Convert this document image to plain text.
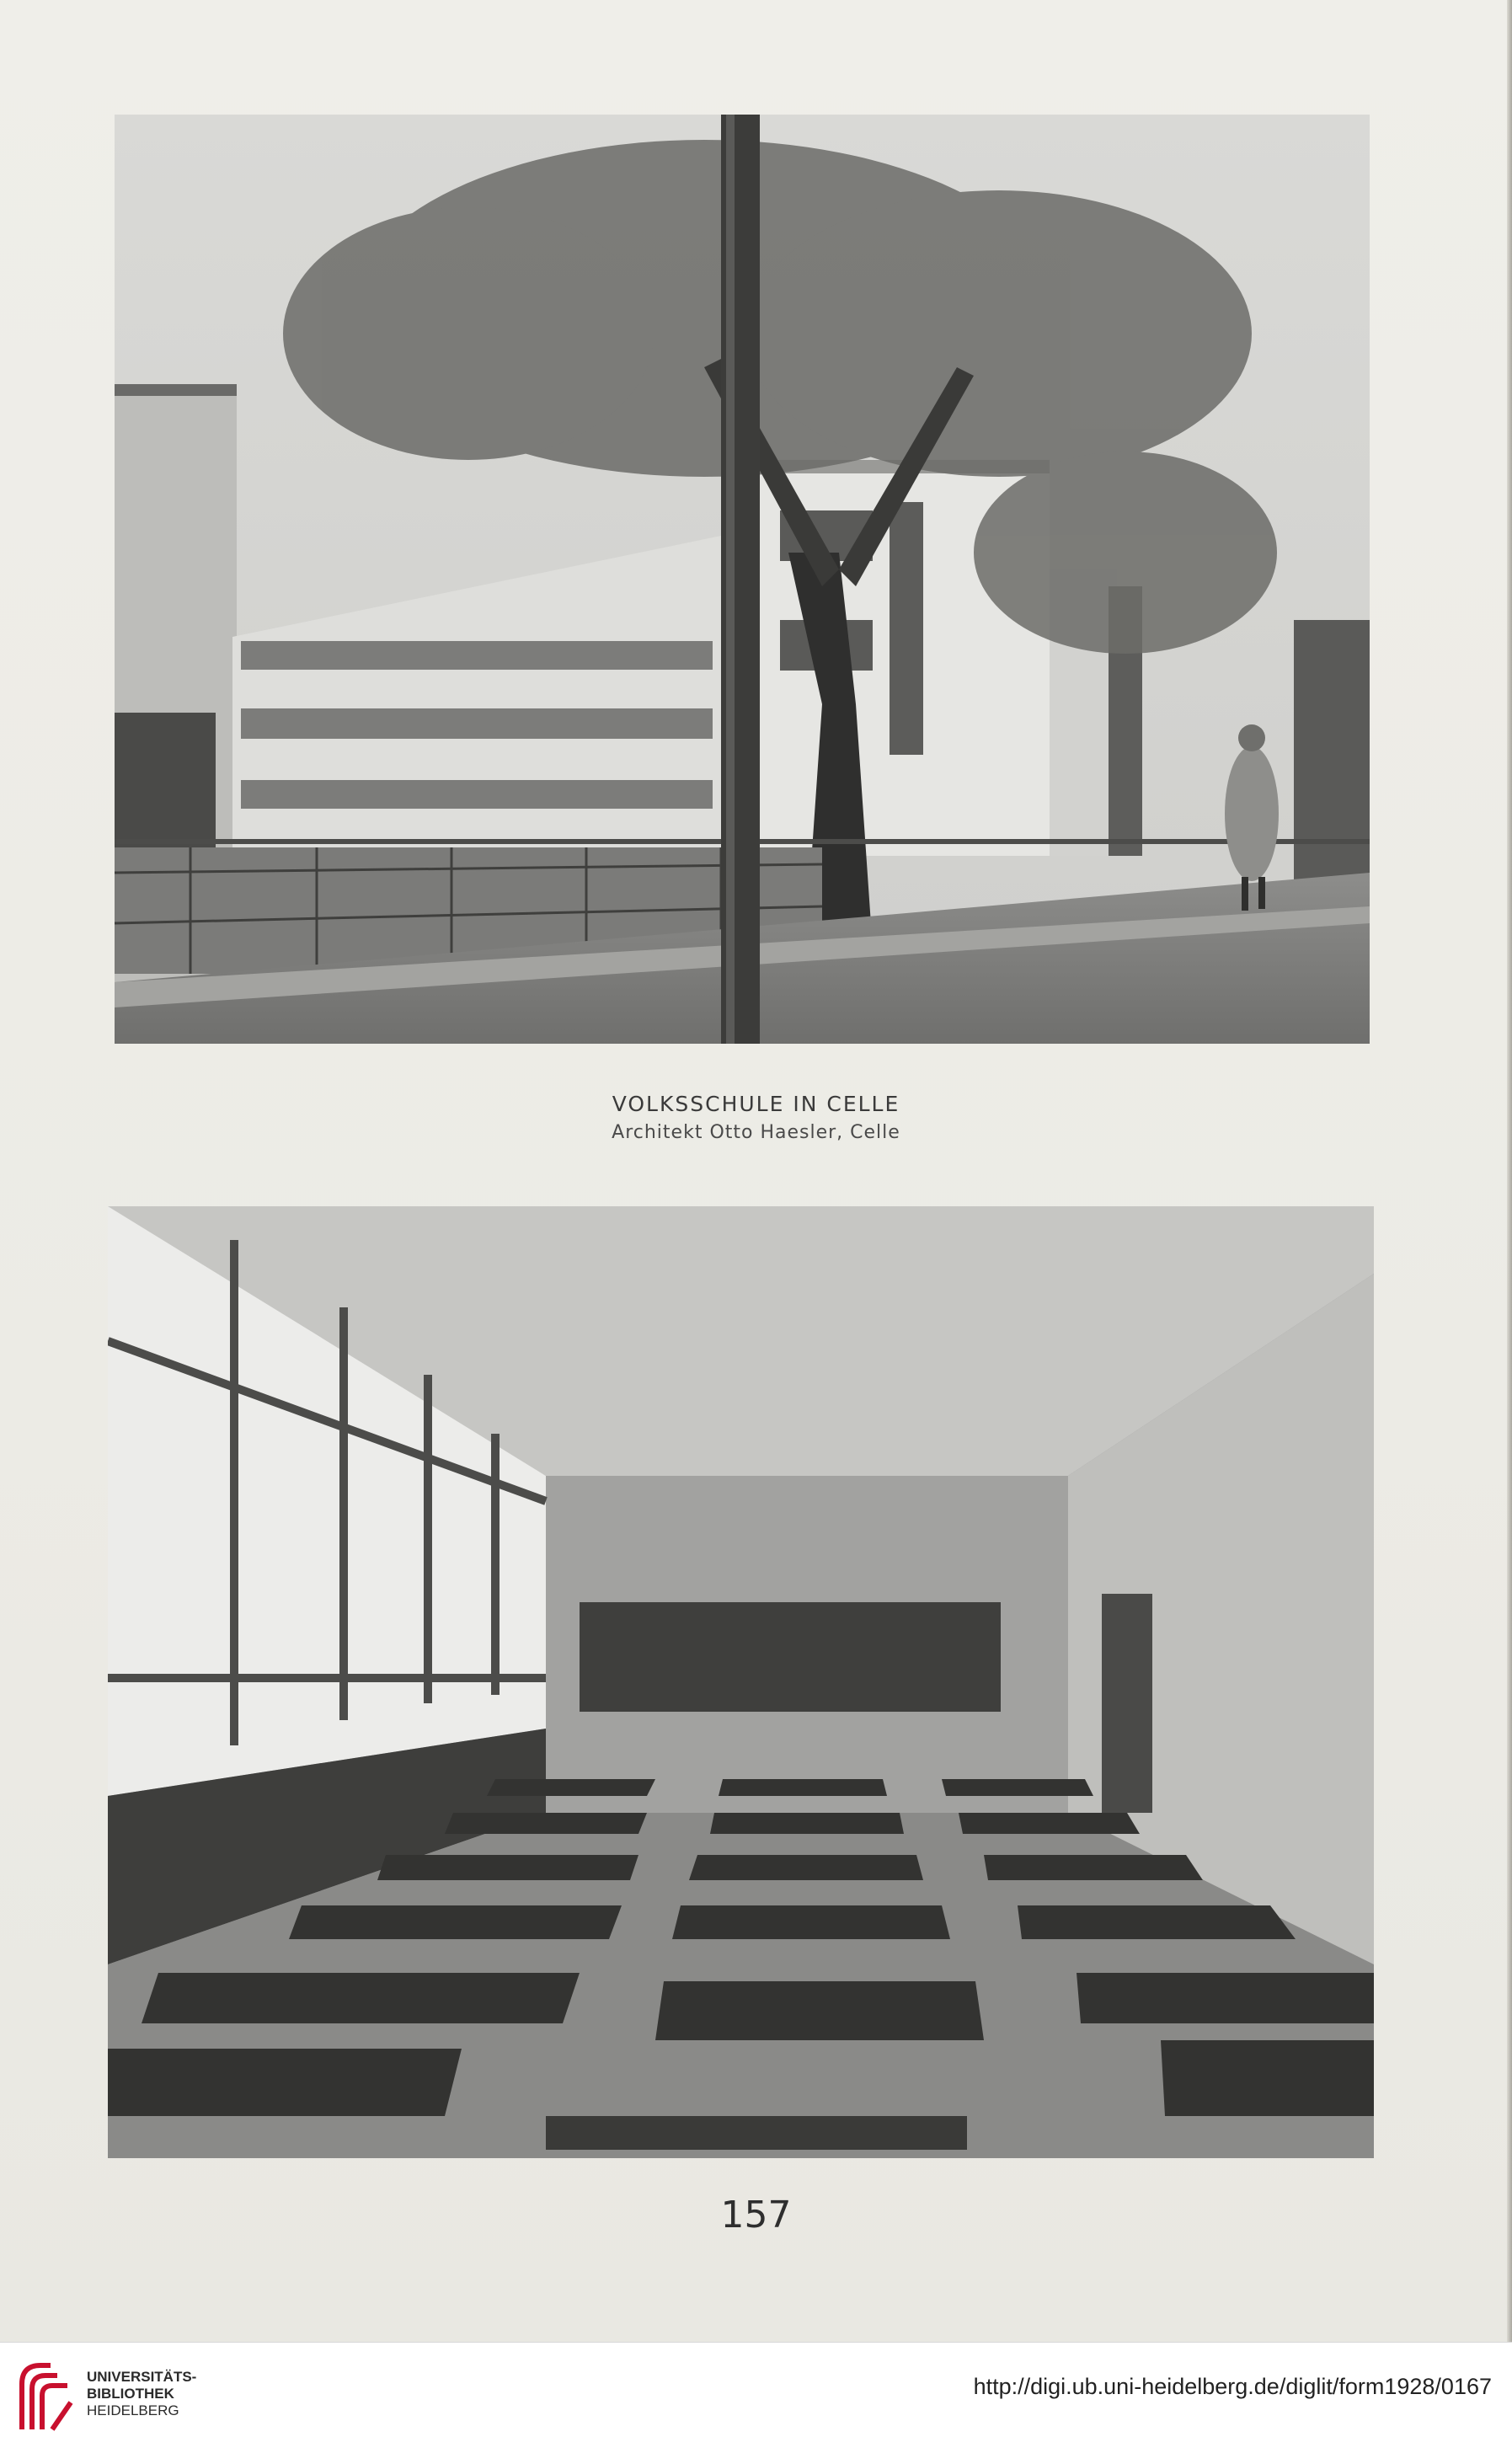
VOLKSSCHULE IN CELLE
Architekt Otto Haesler, Celle
157
UNIVERSITÄTS-
BIBLIOTHEK
HEIDELBERG
http://digi.ub.uni-heidelberg.de/diglit/form1928/0167
